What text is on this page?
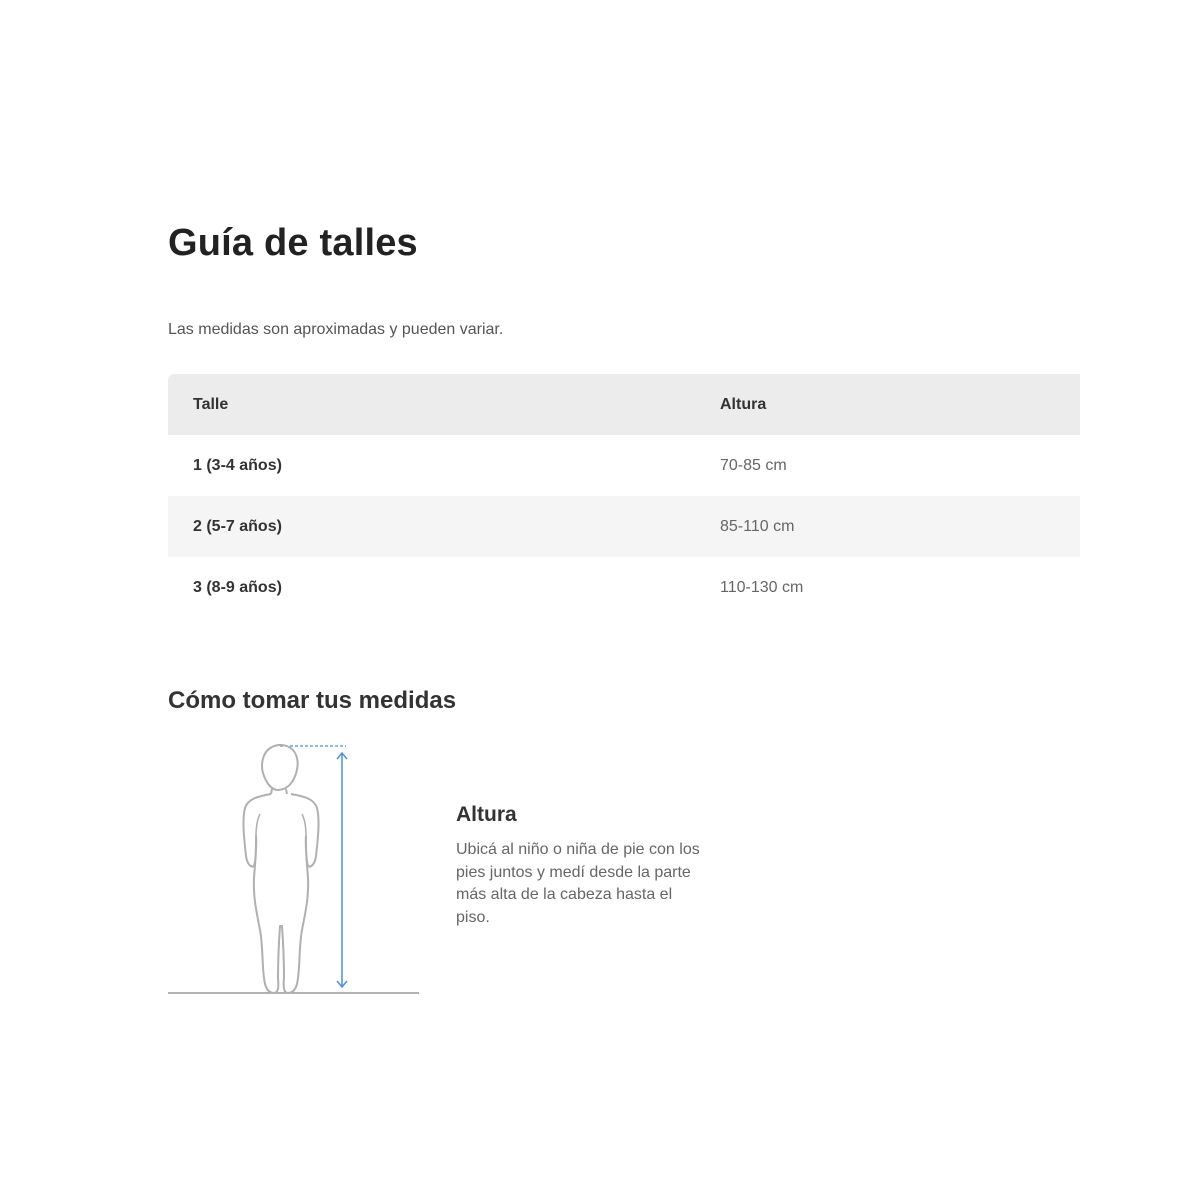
Guía de talles

Las medidas son aproximadas y pueden variar.

Talle	Altura
1 (3-4 años)	70-85 cm
2 (5-7 años)	85-110 cm
3 (8-9 años)	110-130 cm
Cómo tomar tus medidas
Altura

Ubicá al niño o niña de pie con los pies juntos y medí desde la parte más alta de la cabeza hasta el piso.
